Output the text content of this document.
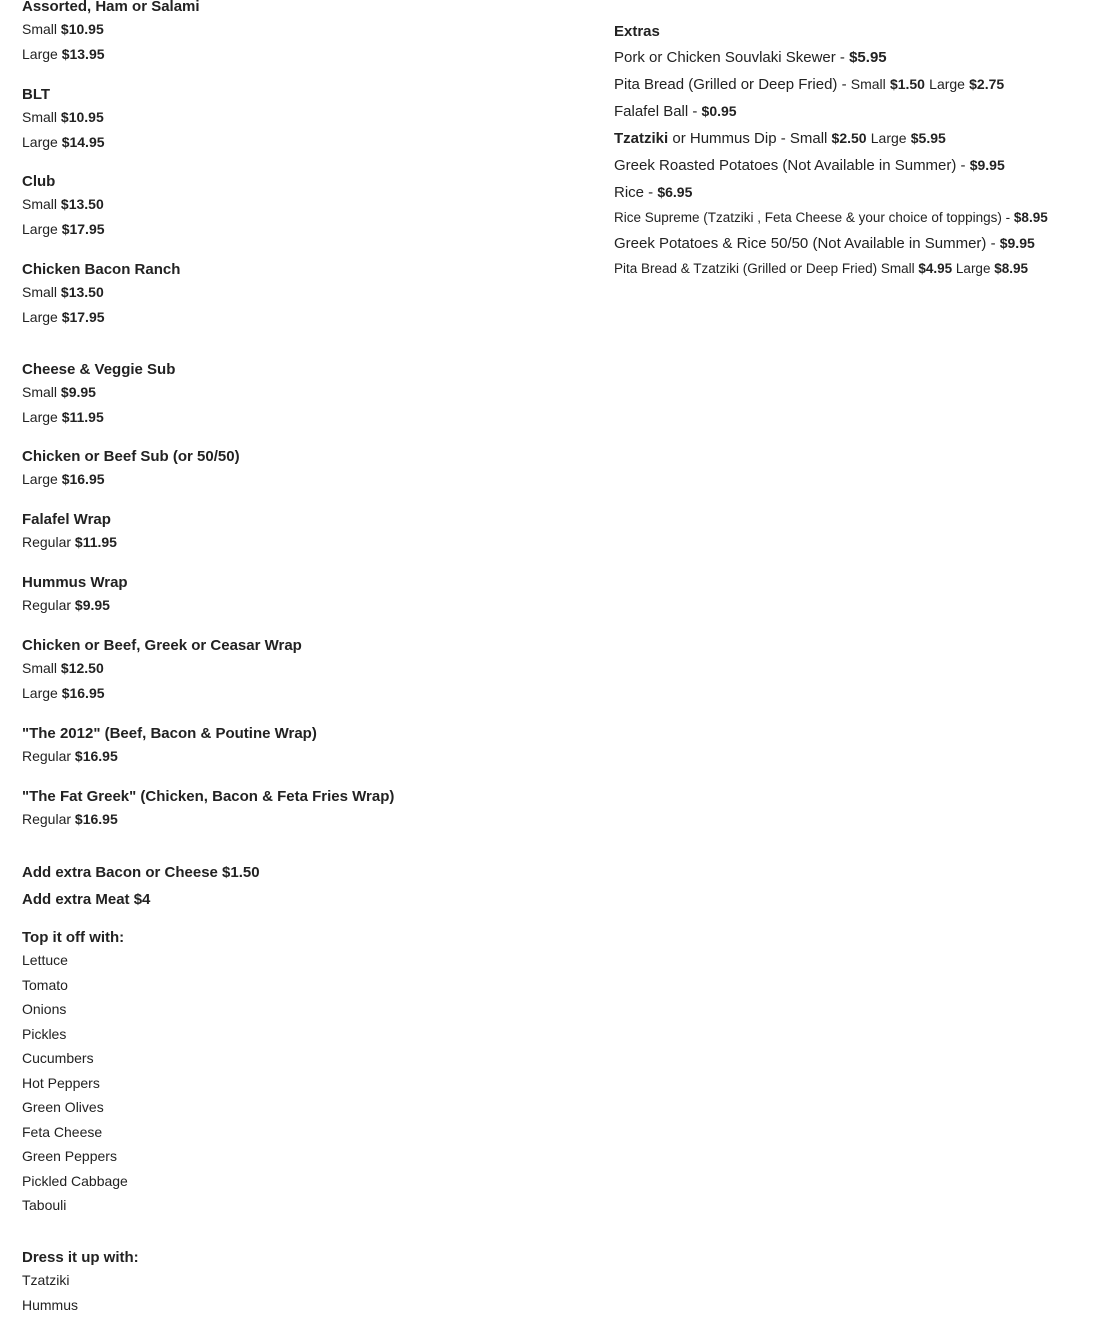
Assorted, Ham or Salami
Small $10.95
Large $13.95
BLT
Small $10.95
Large $14.95
Club
Small $13.50
Large $17.95
Chicken Bacon Ranch
Small $13.50
Large $17.95
Cheese & Veggie Sub
Small $9.95
Large $11.95
Chicken or Beef Sub (or 50/50)
Large $16.95
Falafel Wrap
Regular $11.95
Hummus Wrap
Regular $9.95
Chicken or Beef, Greek or Ceasar Wrap
Small $12.50
Large $16.95
"The 2012" (Beef, Bacon & Poutine Wrap)
Regular $16.95
"The Fat Greek" (Chicken, Bacon & Feta Fries Wrap)
Regular $16.95
Add extra Bacon or Cheese $1.50
Add extra Meat $4
Top it off with:
Lettuce
Tomato
Onions
Pickles
Cucumbers
Hot Peppers
Green Olives
Feta Cheese
Green Peppers
Pickled Cabbage
Tabouli
Dress it up with:
Tzatziki
Hummus
Extras
Pork or Chicken Souvlaki Skewer - $5.95
Pita Bread (Grilled or Deep Fried) - Small $1.50 Large $2.75
Falafel Ball - $0.95
Tzatziki or Hummus Dip - Small $2.50 Large $5.95
Greek Roasted Potatoes (Not Available in Summer) - $9.95
Rice - $6.95
Rice Supreme (Tzatziki , Feta Cheese & your choice of toppings) - $8.95
Greek Potatoes & Rice 50/50 (Not Available in Summer) - $9.95
Pita Bread & Tzatziki (Grilled or Deep Fried) Small $4.95 Large $8.95
